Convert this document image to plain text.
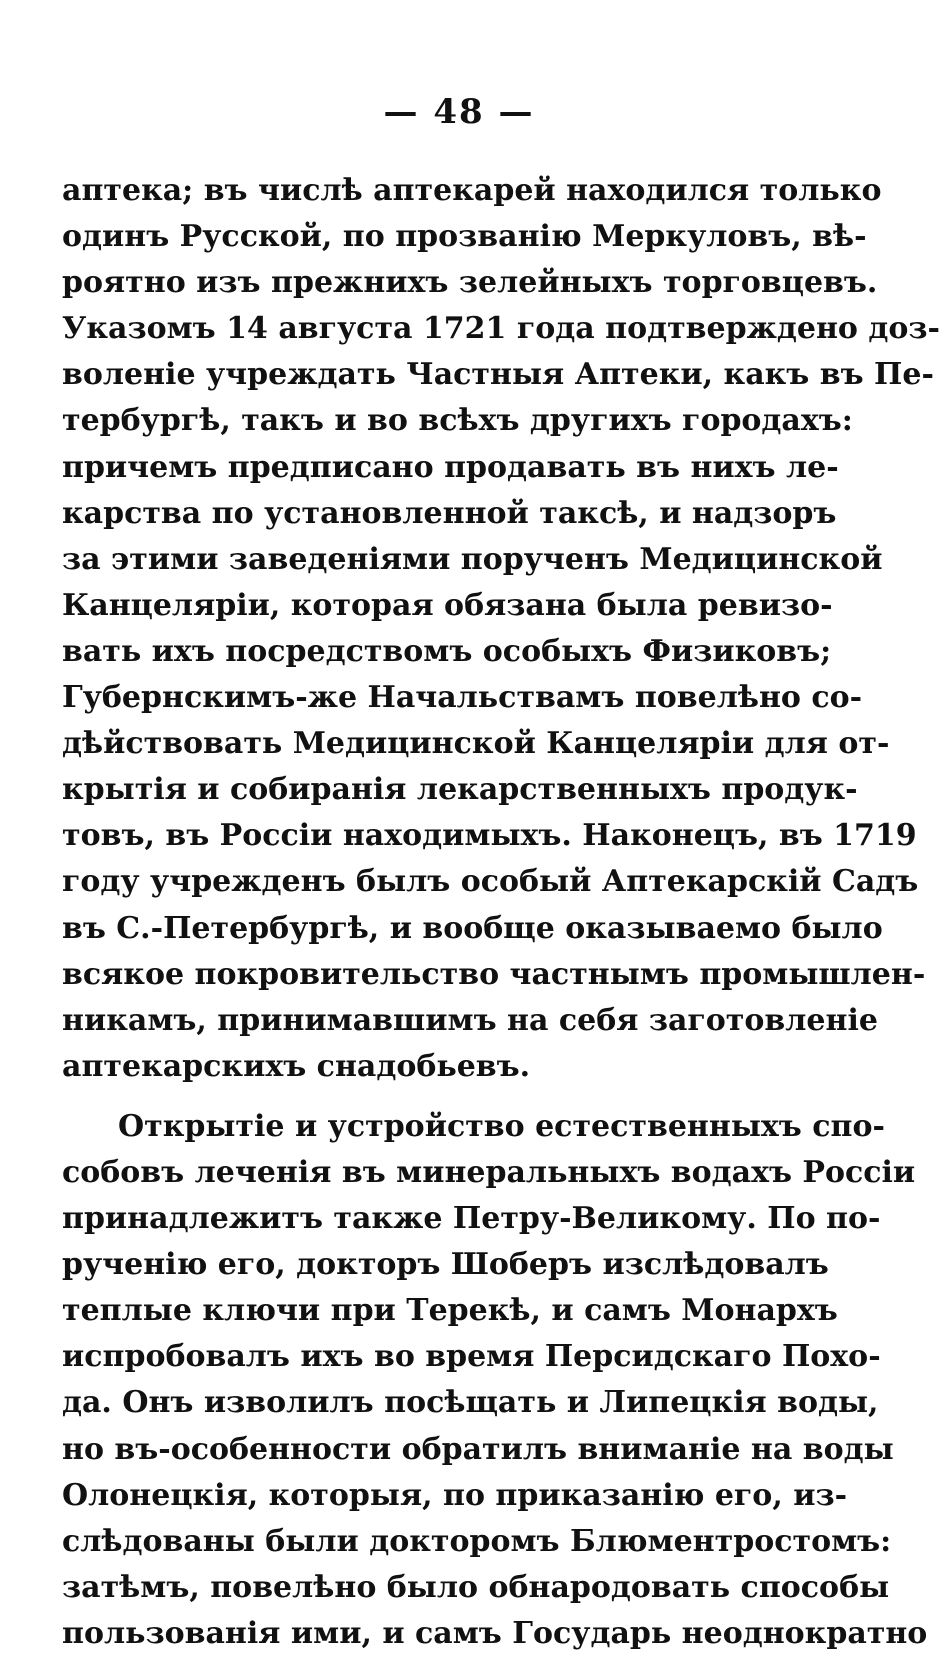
— 48 —
аптека; въ числѣ аптекарей находился только
одинъ Русской, по прозванію Меркуловъ, вѣ-
роятно изъ прежнихъ зелейныхъ торговцевъ.
Указомъ 14 августа 1721 года подтверждено доз-
воленіе учреждать Частныя Аптеки, какъ въ Пе-
тербургѣ, такъ и во всѣхъ другихъ городахъ:
причемъ предписано продавать въ нихъ ле-
карства по установленной таксѣ, и надзоръ
за этими заведеніями порученъ Медицинской
Канцеляріи, которая обязана была ревизо-
вать ихъ посредствомъ особыхъ Физиковъ;
Губернскимъ-же Начальствамъ повелѣно со-
дѣйствовать Медицинской Канцеляріи для от-
крытія и собиранія лекарственныхъ продук-
товъ, въ Россіи находимыхъ. Наконецъ, въ 1719
году учрежденъ былъ особый Аптекарскій Садъ
въ С.-Петербургѣ, и вообще оказываемо было
всякое покровительство частнымъ промышлен-
никамъ, принимавшимъ на себя заготовленіе
аптекарскихъ снадобьевъ.
Открытіе и устройство естественныхъ спо-
собовъ леченія въ минеральныхъ водахъ Россіи
принадлежитъ также Петру-Великому. По по-
рученію его, докторъ Шоберъ изслѣдовалъ
теплые ключи при Терекѣ, и самъ Монархъ
испробовалъ ихъ во время Персидскаго Похо-
да. Онъ изволилъ посѣщать и Липецкія воды,
но въ-особенности обратилъ вниманіе на воды
Олонецкія, которыя, по приказанію его, из-
слѣдованы были докторомъ Блюментростомъ:
затѣмъ, повелѣно было обнародовать способы
пользованія ими, и самъ Государь неоднократно
